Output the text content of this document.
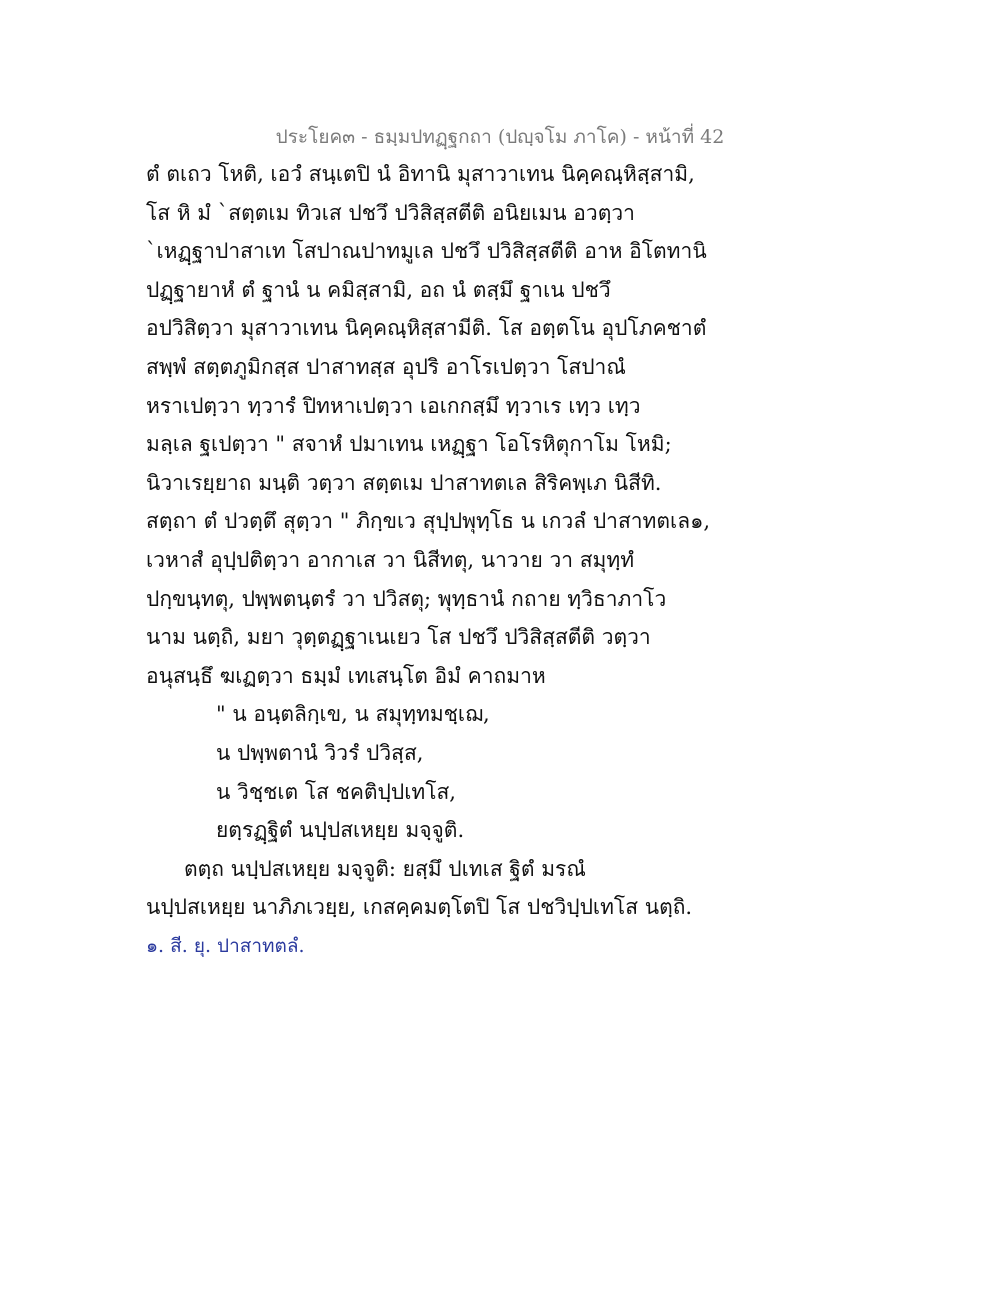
ประโยค๓ - ธมฺมปทฏฺฐกถา (ปญฺจโม ภาโค) - หน้าที่ 42
ตํ ตเถว โหติ, เอวํ สนฺเตปิ นํ อิทานิ มุสาวาเทน นิคฺคณฺหิสฺสามิ,
โส หิ มํ `สตฺตเม ทิวเส ปชวึ ปวิสิสฺสตีติ อนิยเมน อวตฺวา
`เหฏฺฐาปาสาเท โสปาณปาทมูเล ปชวึ ปวิสิสฺสตีติ อาห อิโตทานิ
ปฏฺฐายาหํ ตํ ฐานํ น คมิสฺสามิ, อถ นํ ตสฺมึ ฐาเน ปชวึ
อปวิสิตฺวา มุสาวาเทน นิคฺคณฺหิสฺสามีติ. โส อตฺตโน อุปโภคชาตํ
สพฺพํ สตฺตภูมิกสฺส ปาสาทสฺส อุปริ อาโรเปตฺวา โสปาณํ
หราเปตฺวา ทฺวารํ ปิทหาเปตฺวา เอเกกสฺมึ ทฺวาเร เทฺว เทฺว
มลฺเล ฐเปตฺวา " สจาหํ ปมาเทน เหฏฺฐา โอโรหิตุกาโม โหมิ;
นิวาเรยฺยาถ มนฺติ วตฺวา สตฺตเม ปาสาทตเล สิริคพฺเภ นิสีทิ.
สตฺถา ตํ ปวตฺตึ สุตฺวา " ภิกฺขเว สุปฺปพุทฺโธ น เกวลํ ปาสาทตเล๑,
เวหาสํ อุปฺปติตฺวา อากาเส วา นิสีทตุ, นาวาย วา สมุทฺทํ
ปกฺขนฺทตุ, ปพฺพตนฺตรํ วา ปวิสตุ; พุทฺธานํ กถาย ทฺวิธาภาโว
นาม นตฺถิ, มยา วุตฺตฏฺฐาเนเยว โส ปชวึ ปวิสิสฺสตีติ วตฺวา
อนุสนฺธึ ฆเฏตฺวา ธมฺมํ เทเสนฺโต อิมํ คาถมาห
" น อนฺตลิกฺเข, น สมุทฺทมชฺเฌ,
น ปพฺพตานํ วิวรํ ปวิสฺส,
น วิชฺชเต โส ชคติปฺปเทโส,
ยตฺรฏฺฐิตํ นปฺปสเหยฺย มจฺจูติ.
ตตฺถ นปฺปสเหยฺย มจฺจูติ: ยสฺมึ ปเทเส ฐิตํ มรณํ
นปฺปสเหยฺย นาภิภเวยฺย, เกสคฺคมตฺโตปิ โส ปชวิปฺปเทโส นตฺถิ.
๑. สี. ยุ. ปาสาทตลํ.
